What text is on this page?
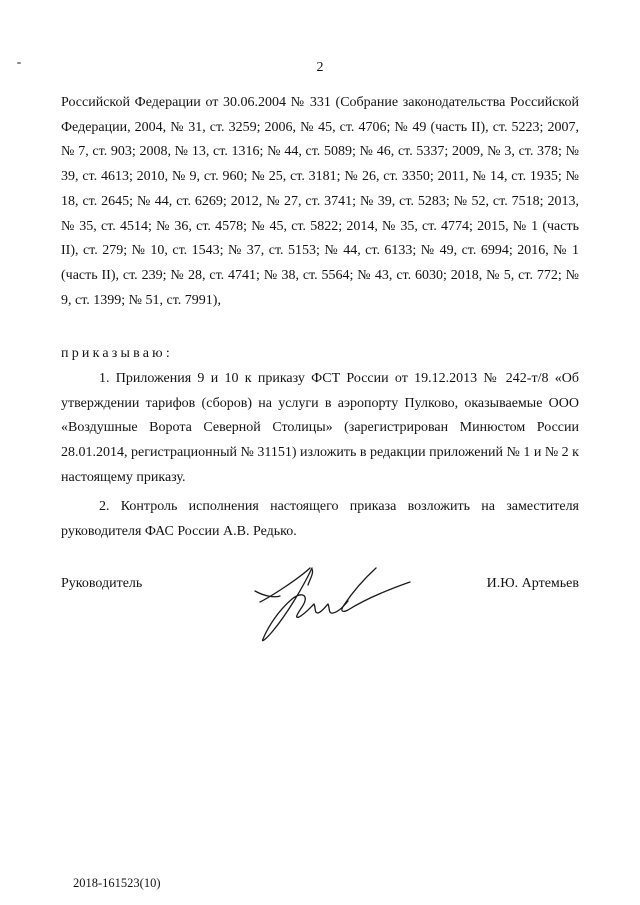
2

Российской Федерации от 30.06.2004 № 331 (Собрание законодательства Российской Федерации, 2004, № 31, ст. 3259; 2006, № 45, ст. 4706; № 49 (часть II), ст. 5223; 2007, № 7, ст. 903; 2008, № 13, ст. 1316; № 44, ст. 5089; № 46, ст. 5337; 2009, № 3, ст. 378; № 39, ст. 4613; 2010, № 9, ст. 960; № 25, ст. 3181; № 26, ст. 3350; 2011, № 14, ст. 1935; № 18, ст. 2645; № 44, ст. 6269; 2012, № 27, ст. 3741; № 39, ст. 5283; № 52, ст. 7518; 2013, № 35, ст. 4514; № 36, ст. 4578; № 45, ст. 5822; 2014, № 35, ст. 4774; 2015, № 1 (часть II), ст. 279; № 10, ст. 1543; № 37, ст. 5153; № 44, ст. 6133; № 49, ст. 6994; 2016, № 1 (часть II), ст. 239; № 28, ст. 4741; № 38, ст. 5564; № 43, ст. 6030; 2018, № 5, ст. 772; № 9, ст. 1399; № 51, ст. 7991),

приказываю:

1. Приложения 9 и 10 к приказу ФСТ России от 19.12.2013 № 242-т/8 «Об утверждении тарифов (сборов) на услуги в аэропорту Пулково, оказываемые ООО «Воздушные Ворота Северной Столицы» (зарегистрирован Минюстом России 28.01.2014, регистрационный № 31151) изложить в редакции приложений № 1 и № 2 к настоящему приказу.

2. Контроль исполнения настоящего приказа возложить на заместителя руководителя ФАС России А.В. Редько.

Руководитель	И.Ю. Артемьев
2018-161523(10)
